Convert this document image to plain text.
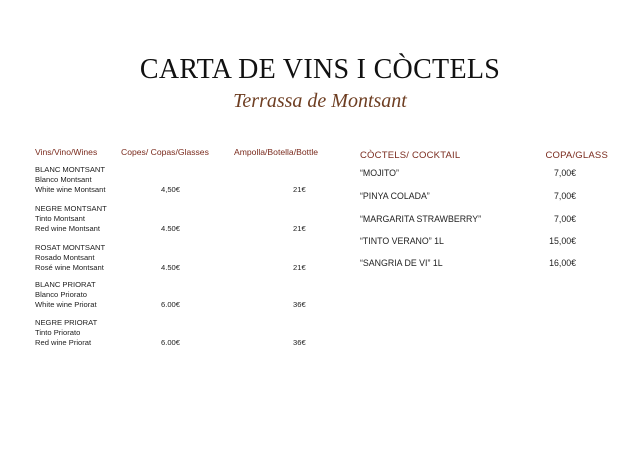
CARTA DE VINS I CÒCTELS
Terrassa de Montsant
Vins/Vino/Wines	Copes/ Copas/Glasses	Ampolla/Botella/Bottle
BLANC MONTSANT
Blanco Montsant
White wine Montsant	4,50€	21€
NEGRE MONTSANT
Tinto Montsant
Red wine Montsant	4.50€	21€
ROSAT MONTSANT
Rosado Montsant
Rosé wine Montsant	4.50€	21€
BLANC PRIORAT
Blanco Priorato
White wine Priorat	6.00€	36€
NEGRE PRIORAT
Tinto Priorato
Red wine Priorat	6.00€	36€
CÒCTELS/ COCKTAIL	COPA/GLASS
“MOJITO”	7,00€
“PINYA COLADA”	7,00€
“MARGARITA STRAWBERRY”	7,00€
“TINTO VERANO” 1L	15,00€
“SANGRIA DE VI” 1L	16,00€
